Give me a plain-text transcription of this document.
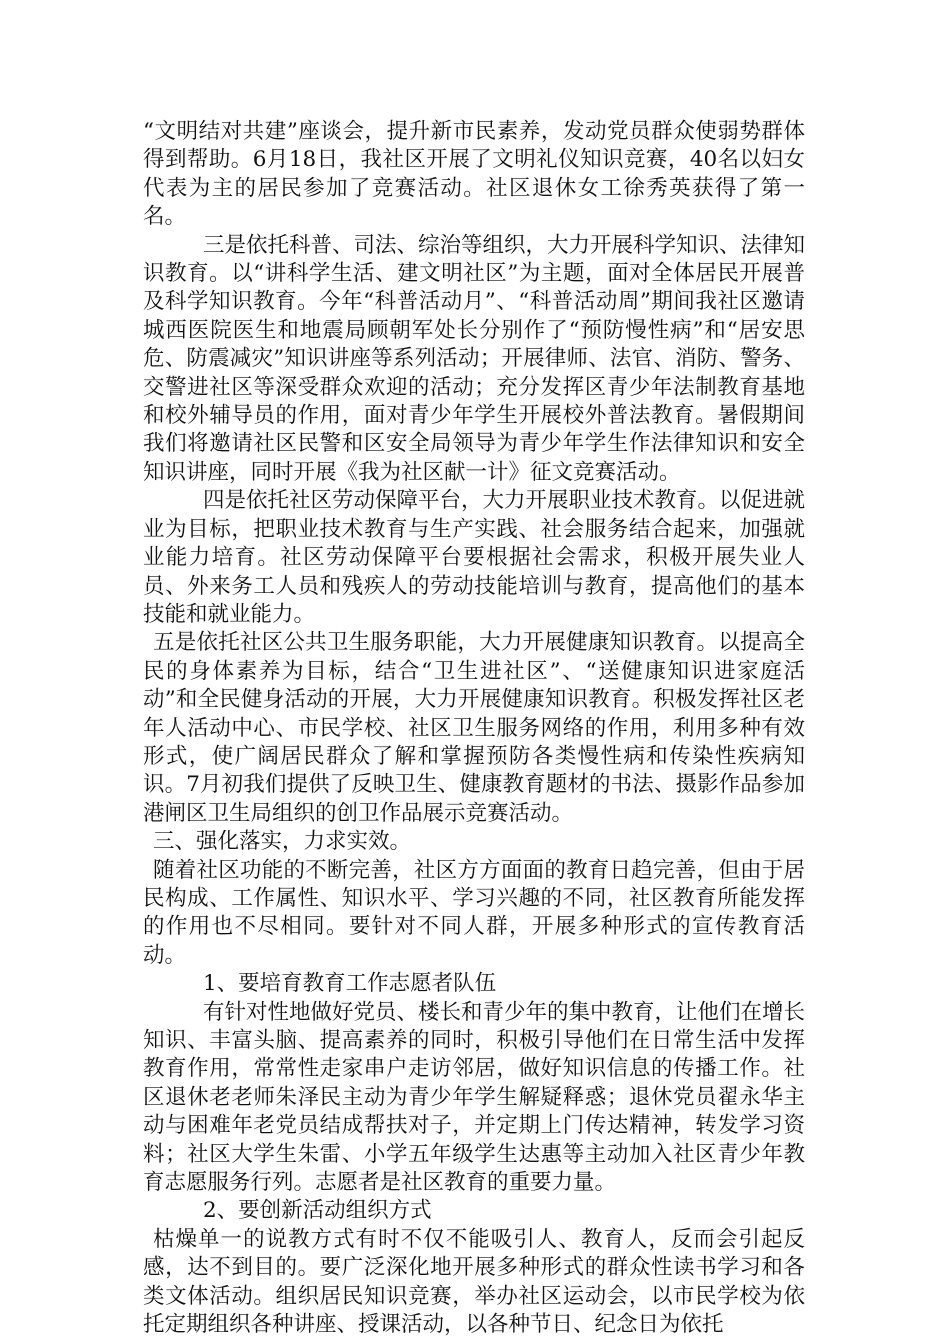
“文明结对共建”座谈会，提升新市民素养，发动党员群众使弱势群体得到帮助。6月18日，我社区开展了文明礼仪知识竞赛，40名以妇女代表为主的居民参加了竞赛活动。社区退休女工徐秀英获得了第一名。

三是依托科普、司法、综治等组织，大力开展科学知识、法律知识教育。以“讲科学生活、建文明社区”为主题，面对全体居民开展普及科学知识教育。今年“科普活动月”、“科普活动周”期间我社区邀请城西医院医生和地震局顾朝军处长分别作了“预防慢性病”和“居安思危、防震减灾”知识讲座等系列活动；开展律师、法官、消防、警务、交警进社区等深受群众欢迎的活动；充分发挥区青少年法制教育基地和校外辅导员的作用，面对青少年学生开展校外普法教育。暑假期间我们将邀请社区民警和区安全局领导为青少年学生作法律知识和安全知识讲座，同时开展《我为社区献一计》征文竞赛活动。

四是依托社区劳动保障平台，大力开展职业技术教育。以促进就业为目标，把职业技术教育与生产实践、社会服务结合起来，加强就业能力培育。社区劳动保障平台要根据社会需求，积极开展失业人员、外来务工人员和残疾人的劳动技能培训与教育，提高他们的基本技能和就业能力。

五是依托社区公共卫生服务职能，大力开展健康知识教育。以提高全民的身体素养为目标，结合“卫生进社区”、“送健康知识进家庭活动”和全民健身活动的开展，大力开展健康知识教育。积极发挥社区老年人活动中心、市民学校、社区卫生服务网络的作用，利用多种有效形式，使广阔居民群众了解和掌握预防各类慢性病和传染性疾病知识。7月初我们提供了反映卫生、健康教育题材的书法、摄影作品参加港闸区卫生局组织的创卫作品展示竞赛活动。

三、强化落实，力求实效。

随着社区功能的不断完善，社区方方面面的教育日趋完善，但由于居民构成、工作属性、知识水平、学习兴趣的不同，社区教育所能发挥的作用也不尽相同。要针对不同人群，开展多种形式的宣传教育活动。

1、要培育教育工作志愿者队伍

有针对性地做好党员、楼长和青少年的集中教育，让他们在增长知识、丰富头脑、提高素养的同时，积极引导他们在日常生活中发挥教育作用，常常性走家串户走访邻居，做好知识信息的传播工作。社区退休老老师朱泽民主动为青少年学生解疑释惑；退休党员翟永华主动与困难年老党员结成帮扶对子，并定期上门传达精神，转发学习资料；社区大学生朱雷、小学五年级学生达惠等主动加入社区青少年教育志愿服务行列。志愿者是社区教育的重要力量。

2、要创新活动组织方式

枯燥单一的说教方式有时不仅不能吸引人、教育人，反而会引起反感，达不到目的。要广泛深化地开展多种形式的群众性读书学习和各类文体活动。组织居民知识竞赛，举办社区运动会，以市民学校为依托定期组织各种讲座、授课活动，以各种节日、纪念日为依托
